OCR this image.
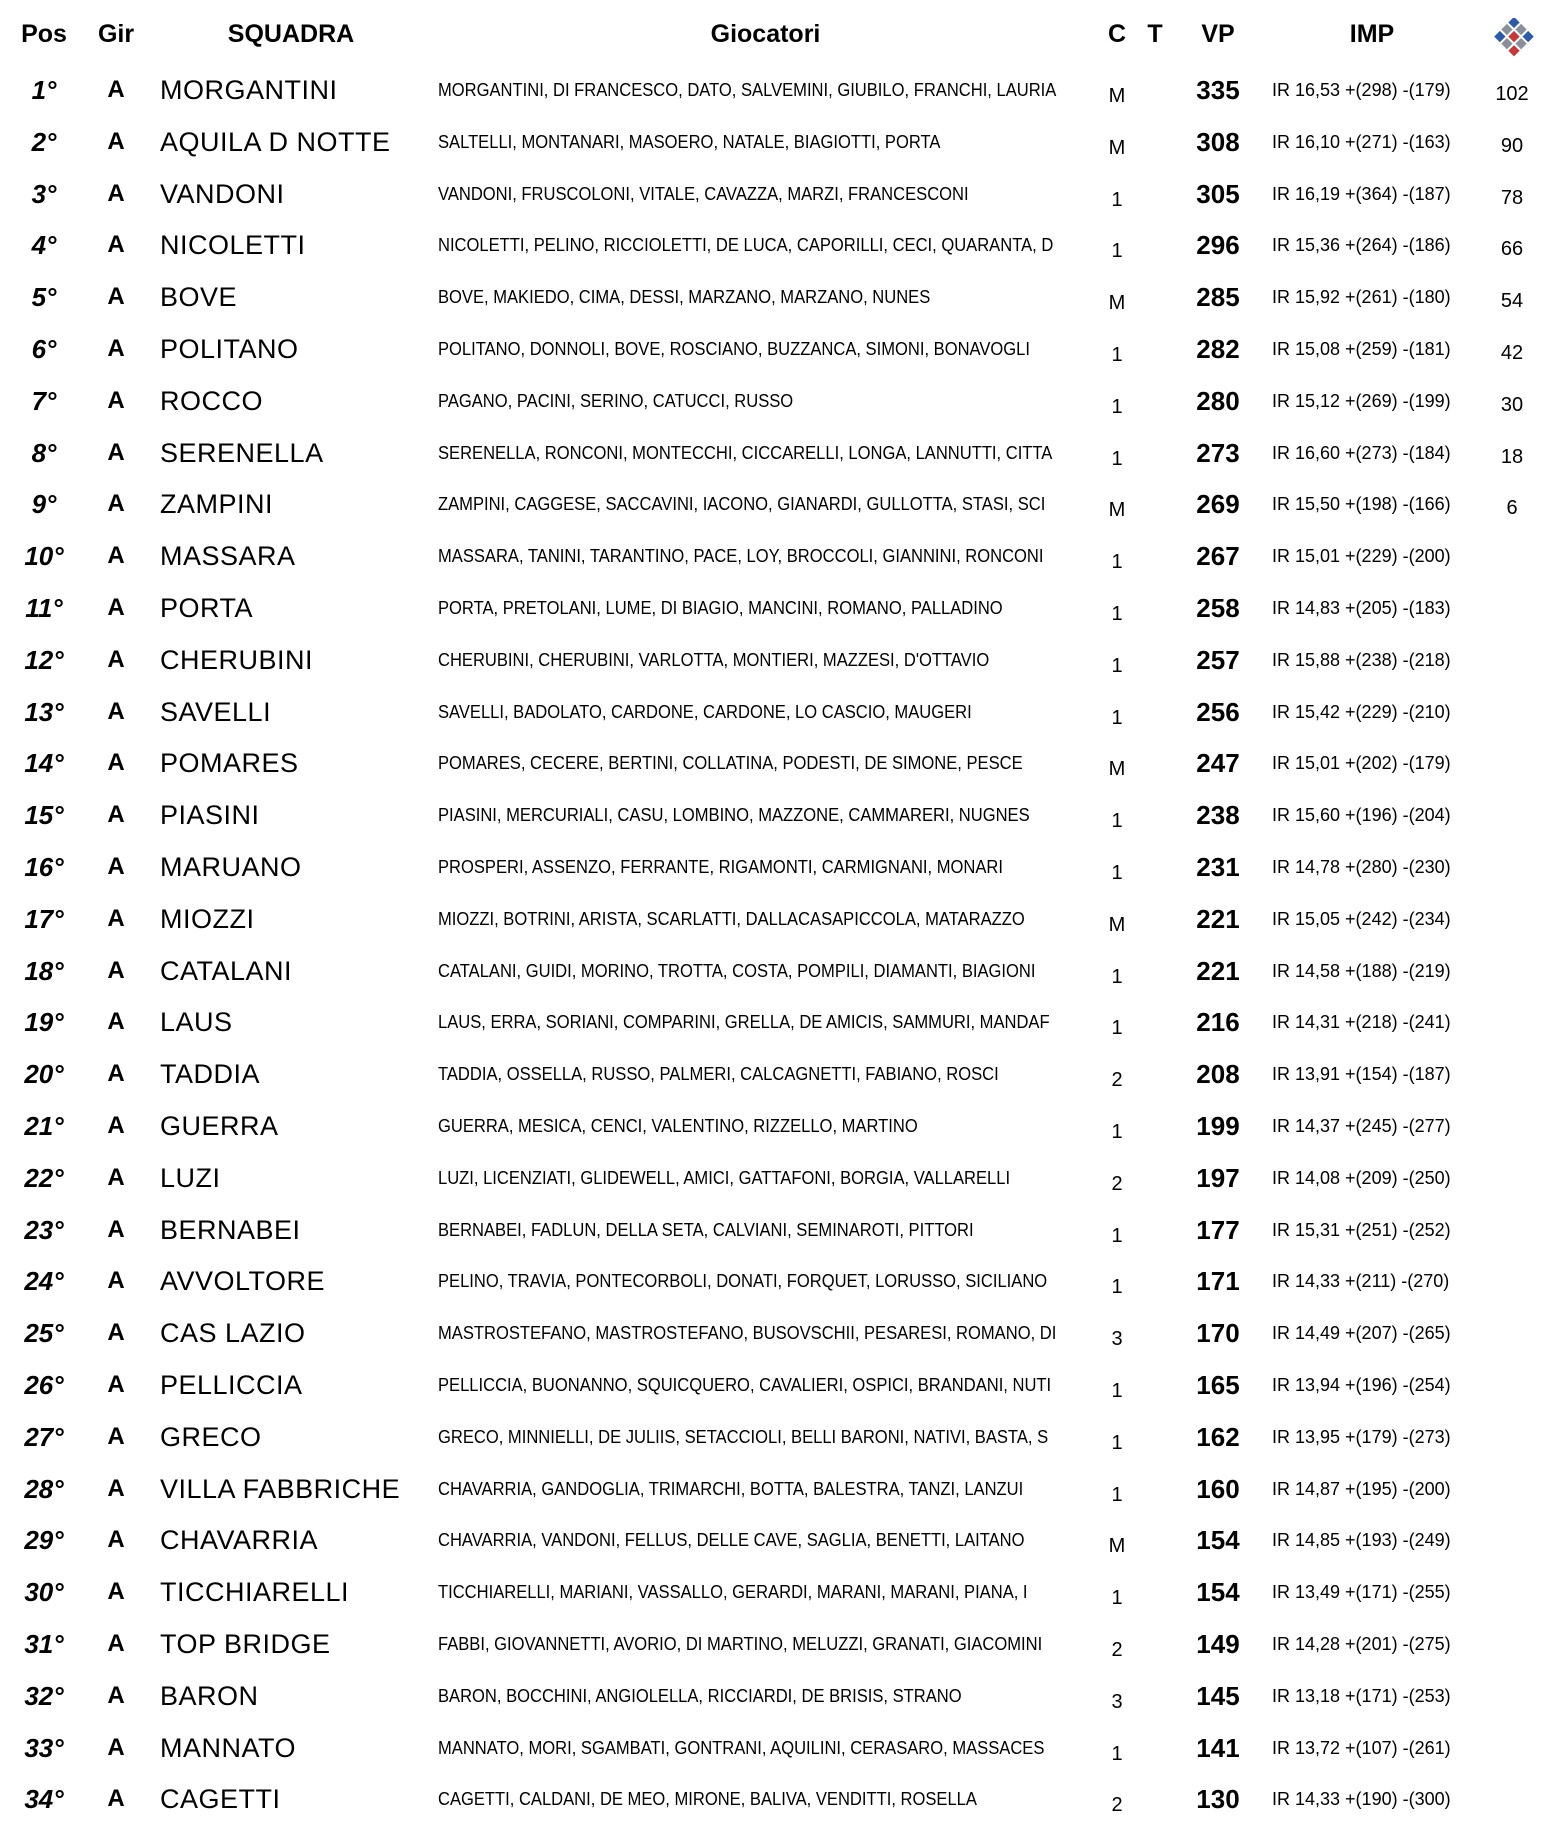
Pos	Gir	SQUADRA	Giocatori	C T	VP	IMP
1°	A	MORGANTINI	MORGANTINI, DI FRANCESCO, DATO, SALVEMINI, GIUBILO, FRANCHI, LAURIA	M	335	IR 16,53 +(298) -(179)	102
2°	A	AQUILA D NOTTE	SALTELLI, MONTANARI, MASOERO, NATALE, BIAGIOTTI, PORTA	M	308	IR 16,10 +(271) -(163)	90
3°	A	VANDONI	VANDONI, FRUSCOLONI, VITALE, CAVAZZA, MARZI, FRANCESCONI	1	305	IR 16,19 +(364) -(187)	78
4°	A	NICOLETTI	NICOLETTI, PELINO, RICCIOLETTI, DE LUCA, CAPORILLI, CECI, QUARANTA, D	1	296	IR 15,36 +(264) -(186)	66
5°	A	BOVE	BOVE, MAKIEDO, CIMA, DESSI, MARZANO, MARZANO, NUNES	M	285	IR 15,92 +(261) -(180)	54
6°	A	POLITANO	POLITANO, DONNOLI, BOVE, ROSCIANO, BUZZANCA, SIMONI, BONAVOGLI	1	282	IR 15,08 +(259) -(181)	42
7°	A	ROCCO	PAGANO, PACINI, SERINO, CATUCCI, RUSSO	1	280	IR 15,12 +(269) -(199)	30
8°	A	SERENELLA	SERENELLA, RONCONI, MONTECCHI, CICCARELLI, LONGA, LANNUTTI, CITTA	1	273	IR 16,60 +(273) -(184)	18
9°	A	ZAMPINI	ZAMPINI, CAGGESE, SACCAVINI, IACONO, GIANARDI, GULLOTTA, STASI, SCI	M	269	IR 15,50 +(198) -(166)	6
10°	A	MASSARA	MASSARA, TANINI, TARANTINO, PACE, LOY, BROCCOLI, GIANNINI, RONCONI	1	267	IR 15,01 +(229) -(200)
11°	A	PORTA	PORTA, PRETOLANI, LUME, DI BIAGIO, MANCINI, ROMANO, PALLADINO	1	258	IR 14,83 +(205) -(183)
12°	A	CHERUBINI	CHERUBINI, CHERUBINI, VARLOTTA, MONTIERI, MAZZESI, D'OTTAVIO	1	257	IR 15,88 +(238) -(218)
13°	A	SAVELLI	SAVELLI, BADOLATO, CARDONE, CARDONE, LO CASCIO, MAUGERI	1	256	IR 15,42 +(229) -(210)
14°	A	POMARES	POMARES, CECERE, BERTINI, COLLATINA, PODESTI, DE SIMONE, PESCE	M	247	IR 15,01 +(202) -(179)
15°	A	PIASINI	PIASINI, MERCURIALI, CASU, LOMBINO, MAZZONE, CAMMARERI, NUGNES	1	238	IR 15,60 +(196) -(204)
16°	A	MARUANO	PROSPERI, ASSENZO, FERRANTE, RIGAMONTI, CARMIGNANI, MONARI	1	231	IR 14,78 +(280) -(230)
17°	A	MIOZZI	MIOZZI, BOTRINI, ARISTA, SCARLATTI, DALLACASAPICCOLA, MATARAZZO	M	221	IR 15,05 +(242) -(234)
18°	A	CATALANI	CATALANI, GUIDI, MORINO, TROTTA, COSTA, POMPILI, DIAMANTI, BIAGIONI	1	221	IR 14,58 +(188) -(219)
19°	A	LAUS	LAUS, ERRA, SORIANI, COMPARINI, GRELLA, DE AMICIS, SAMMURI, MANDAF	1	216	IR 14,31 +(218) -(241)
20°	A	TADDIA	TADDIA, OSSELLA, RUSSO, PALMERI, CALCAGNETTI, FABIANO, ROSCI	2	208	IR 13,91 +(154) -(187)
21°	A	GUERRA	GUERRA, MESICA, CENCI, VALENTINO, RIZZELLO, MARTINO	1	199	IR 14,37 +(245) -(277)
22°	A	LUZI	LUZI, LICENZIATI, GLIDEWELL, AMICI, GATTAFONI, BORGIA, VALLARELLI	2	197	IR 14,08 +(209) -(250)
23°	A	BERNABEI	BERNABEI, FADLUN, DELLA SETA, CALVIANI, SEMINAROTI, PITTORI	1	177	IR 15,31 +(251) -(252)
24°	A	AVVOLTORE	PELINO, TRAVIA, PONTECORBOLI, DONATI, FORQUET, LORUSSO, SICILIANO	1	171	IR 14,33 +(211) -(270)
25°	A	CAS LAZIO	MASTROSTEFANO, MASTROSTEFANO, BUSOVSCHII, PESARESI, ROMANO, DI	3	170	IR 14,49 +(207) -(265)
26°	A	PELLICCIA	PELLICCIA, BUONANNO, SQUICQUERO, CAVALIERI, OSPICI, BRANDANI, NUTI	1	165	IR 13,94 +(196) -(254)
27°	A	GRECO	GRECO, MINNIELLI, DE JULIIS, SETACCIOLI, BELLI BARONI, NATIVI, BASTA, S	1	162	IR 13,95 +(179) -(273)
28°	A	VILLA FABBRICHE	CHAVARRIA, GANDOGLIA, TRIMARCHI, BOTTA, BALESTRA, TANZI, LANZUI	1	160	IR 14,87 +(195) -(200)
29°	A	CHAVARRIA	CHAVARRIA, VANDONI, FELLUS, DELLE CAVE, SAGLIA, BENETTI, LAITANO	M	154	IR 14,85 +(193) -(249)
30°	A	TICCHIARELLI	TICCHIARELLI, MARIANI, VASSALLO, GERARDI, MARANI, MARANI, PIANA, I	1	154	IR 13,49 +(171) -(255)
31°	A	TOP BRIDGE	FABBI, GIOVANNETTI, AVORIO, DI MARTINO, MELUZZI, GRANATI, GIACOMINI	2	149	IR 14,28 +(201) -(275)
32°	A	BARON	BARON, BOCCHINI, ANGIOLELLA, RICCIARDI, DE BRISIS, STRANO	3	145	IR 13,18 +(171) -(253)
33°	A	MANNATO	MANNATO, MORI, SGAMBATI, GONTRANI, AQUILINI, CERASARO, MASSACES	1	141	IR 13,72 +(107) -(261)
34°	A	CAGETTI	CAGETTI, CALDANI, DE MEO, MIRONE, BALIVA, VENDITTI, ROSELLA	2	130	IR 14,33 +(190) -(300)
